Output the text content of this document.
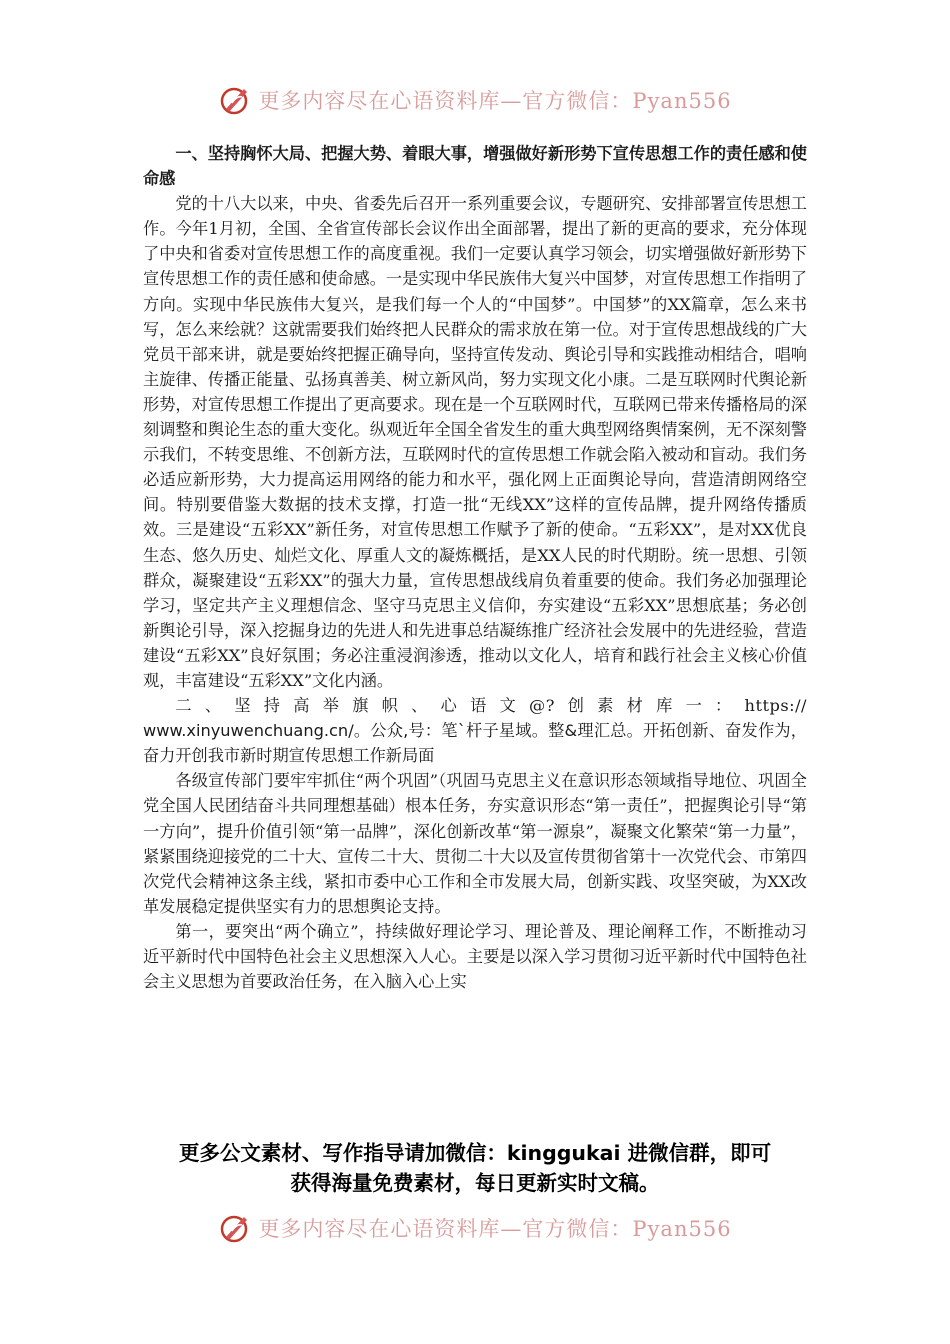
更多内容尽在心语资料库—官方微信：Pyan556

一、坚持胸怀大局、把握大势、着眼大事，增强做好新形势下宣传思想工作的责任感和使命感

党的十八大以来，中央、省委先后召开一系列重要会议，专题研究、安排部署宣传思想工作。今年1月初，全国、全省宣传部长会议作出全面部署，提出了新的更高的要求，充分体现了中央和省委对宣传思想工作的高度重视。我们一定要认真学习领会，切实增强做好新形势下宣传思想工作的责任感和使命感。一是实现中华民族伟大复兴中国梦，对宣传思想工作指明了方向。实现中华民族伟大复兴，是我们每一个人的“中国梦”。中国梦”的XX篇章，怎么来书写，怎么来绘就？这就需要我们始终把人民群众的需求放在第一位。对于宣传思想战线的广大党员干部来讲，就是要始终把握正确导向，坚持宣传发动、舆论引导和实践推动相结合，唱响主旋律、传播正能量、弘扬真善美、树立新风尚，努力实现文化小康。二是互联网时代舆论新形势，对宣传思想工作提出了更高要求。现在是一个互联网时代，互联网已带来传播格局的深刻调整和舆论生态的重大变化。纵观近年全国全省发生的重大典型网络舆情案例，无不深刻警示我们，不转变思维、不创新方法，互联网时代的宣传思想工作就会陷入被动和盲动。我们务必适应新形势，大力提高运用网络的能力和水平，强化网上正面舆论导向，营造清朗网络空间。特别要借鉴大数据的技术支撑，打造一批“无线XX”这样的宣传品牌，提升网络传播质效。三是建设“五彩XX”新任务，对宣传思想工作赋予了新的使命。“五彩XX”，是对XX优良生态、悠久历史、灿烂文化、厚重人文的凝炼概括，是XX人民的时代期盼。统一思想、引领群众，凝聚建设“五彩XX”的强大力量，宣传思想战线肩负着重要的使命。我们务必加强理论学习，坚定共产主义理想信念、坚守马克思主义信仰，夯实建设“五彩XX”思想底基；务必创新舆论引导，深入挖掘身边的先进人和先进事总结凝练推广经济社会发展中的先进经验，营造建设“五彩XX”良好氛围；务必注重浸润渗透，推动以文化人，培育和践行社会主义核心价值观，丰富建设“五彩XX”文化内涵。

二、坚持高举旗帜、心语文@?创素材库一：https://

www.xinyuwenchuang.cn/。公众,号：笔`杆子星域。整&理汇总。开拓创新、奋发作为，奋力开创我市新时期宣传思想工作新局面

各级宣传部门要牢牢抓住“两个巩固”（巩固马克思主义在意识形态领域指导地位、巩固全党全国人民团结奋斗共同理想基础）根本任务，夯实意识形态“第一责任”，把握舆论引导“第一方向”，提升价值引领“第一品牌”，深化创新改革“第一源泉”，凝聚文化繁荣“第一力量”，紧紧围绕迎接党的二十大、宣传二十大、贯彻二十大以及宣传贯彻省第十一次党代会、市第四次党代会精神这条主线，紧扣市委中心工作和全市发展大局，创新实践、攻坚突破，为XX改革发展稳定提供坚实有力的思想舆论支持。

第一，要突出“两个确立”，持续做好理论学习、理论普及、理论阐释工作，不断推动习近平新时代中国特色社会主义思想深入人心。主要是以深入学习贯彻习近平新时代中国特色社会主义思想为首要政治任务，在入脑入心上实

更多公文素材、写作指导请加微信：kinggukai 进微信群，即可
获得海量免费素材，每日更新实时文稿。
更多内容尽在心语资料库—官方微信：Pyan556
